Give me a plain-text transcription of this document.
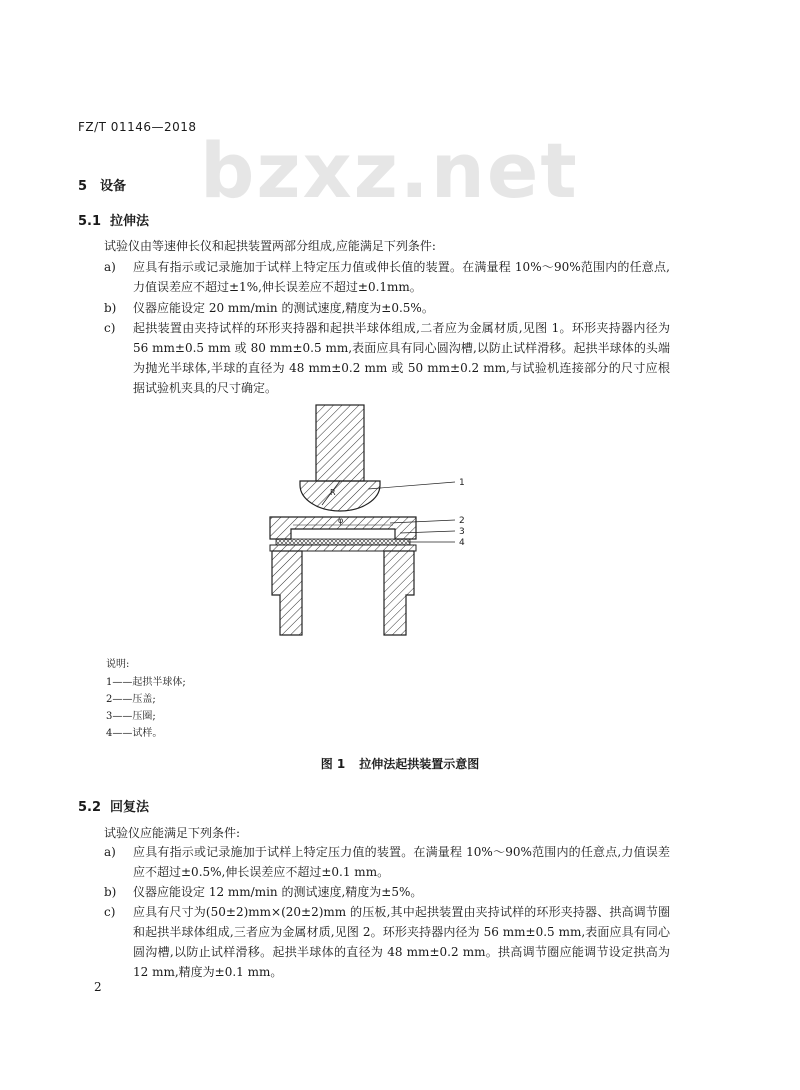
FZ/T 01146—2018 bzxz.net
5 设备
5.1 拉伸法
试验仪由等速伸长仪和起拱装置两部分组成,应能满足下列条件:
a)	应具有指示或记录施加于试样上特定压力值或伸长值的装置。在满量程 10%～90%范围内的任意点,力值误差应不超过±1%,伸长误差应不超过±0.1mm。
b)	仪器应能设定 20 mm/min 的测试速度,精度为±0.5%。
c)	起拱装置由夹持试样的环形夹持器和起拱半球体组成,二者应为金属材质,见图 1。环形夹持器内径为 56 mm±0.5 mm 或 80 mm±0.5 mm,表面应具有同心圆沟槽,以防止试样滑移。起拱半球体的头端为抛光半球体,半球的直径为 48 mm±0.2 mm 或 50 mm±0.2 mm,与试验机连接部分的尺寸应根据试验机夹具的尺寸确定。
R
φ
1
2
3
4
说明:
1——起拱半球体;
2——压盖;
3——压圈;
4——试样。
图 1 拉伸法起拱装置示意图
5.2 回复法
试验仪应能满足下列条件:
a)	应具有指示或记录施加于试样上特定压力值的装置。在满量程 10%～90%范围内的任意点,力值误差应不超过±0.5%,伸长误差应不超过±0.1 mm。
b)	仪器应能设定 12 mm/min 的测试速度,精度为±5%。
c)	应具有尺寸为(50±2)mm×(20±2)mm 的压板,其中起拱装置由夹持试样的环形夹持器、拱高调节圈和起拱半球体组成,三者应为金属材质,见图 2。环形夹持器内径为 56 mm±0.5 mm,表面应具有同心圆沟槽,以防止试样滑移。起拱半球体的直径为 48 mm±0.2 mm。拱高调节圈应能调节设定拱高为 12 mm,精度为±0.1 mm。
2
